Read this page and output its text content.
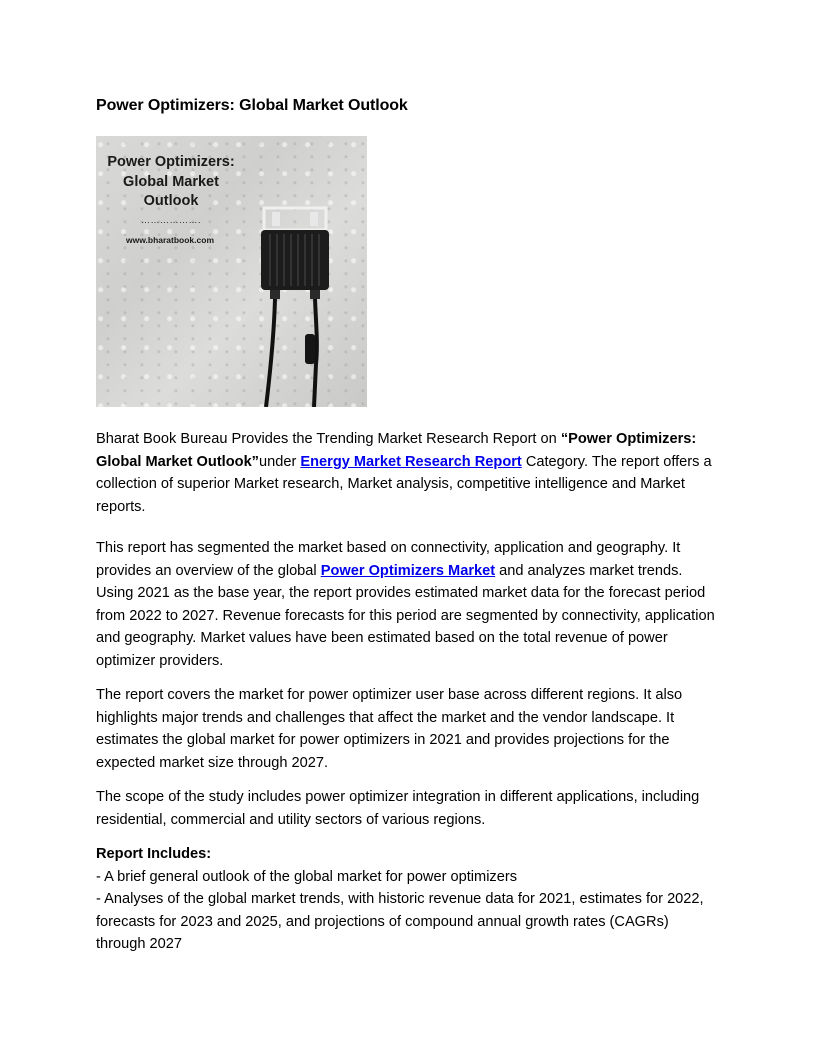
Power Optimizers: Global Market Outlook
Power Optimizers:
Global Market
Outlook
……………….
www.bharatbook.com

Bharat Book Bureau Provides the Trending Market Research Report on “Power Optimizers: Global Market Outlook”under Energy Market Research Report Category. The report offers a collection of superior Market research, Market analysis, competitive intelligence and Market reports.

This report has segmented the market based on connectivity, application and geography. It provides an overview of the global Power Optimizers Market and analyzes market trends. Using 2021 as the base year, the report provides estimated market data for the forecast period from 2022 to 2027. Revenue forecasts for this period are segmented by connectivity, application and geography. Market values have been estimated based on the total revenue of power optimizer providers.

The report covers the market for power optimizer user base across different regions. It also highlights major trends and challenges that affect the market and the vendor landscape. It estimates the global market for power optimizers in 2021 and provides projections for the expected market size through 2027.

The scope of the study includes power optimizer integration in different applications, including residential, commercial and utility sectors of various regions.

Report Includes:

- A brief general outlook of the global market for power optimizers

- Analyses of the global market trends, with historic revenue data for 2021, estimates for 2022, forecasts for 2023 and 2025, and projections of compound annual growth rates (CAGRs) through 2027
